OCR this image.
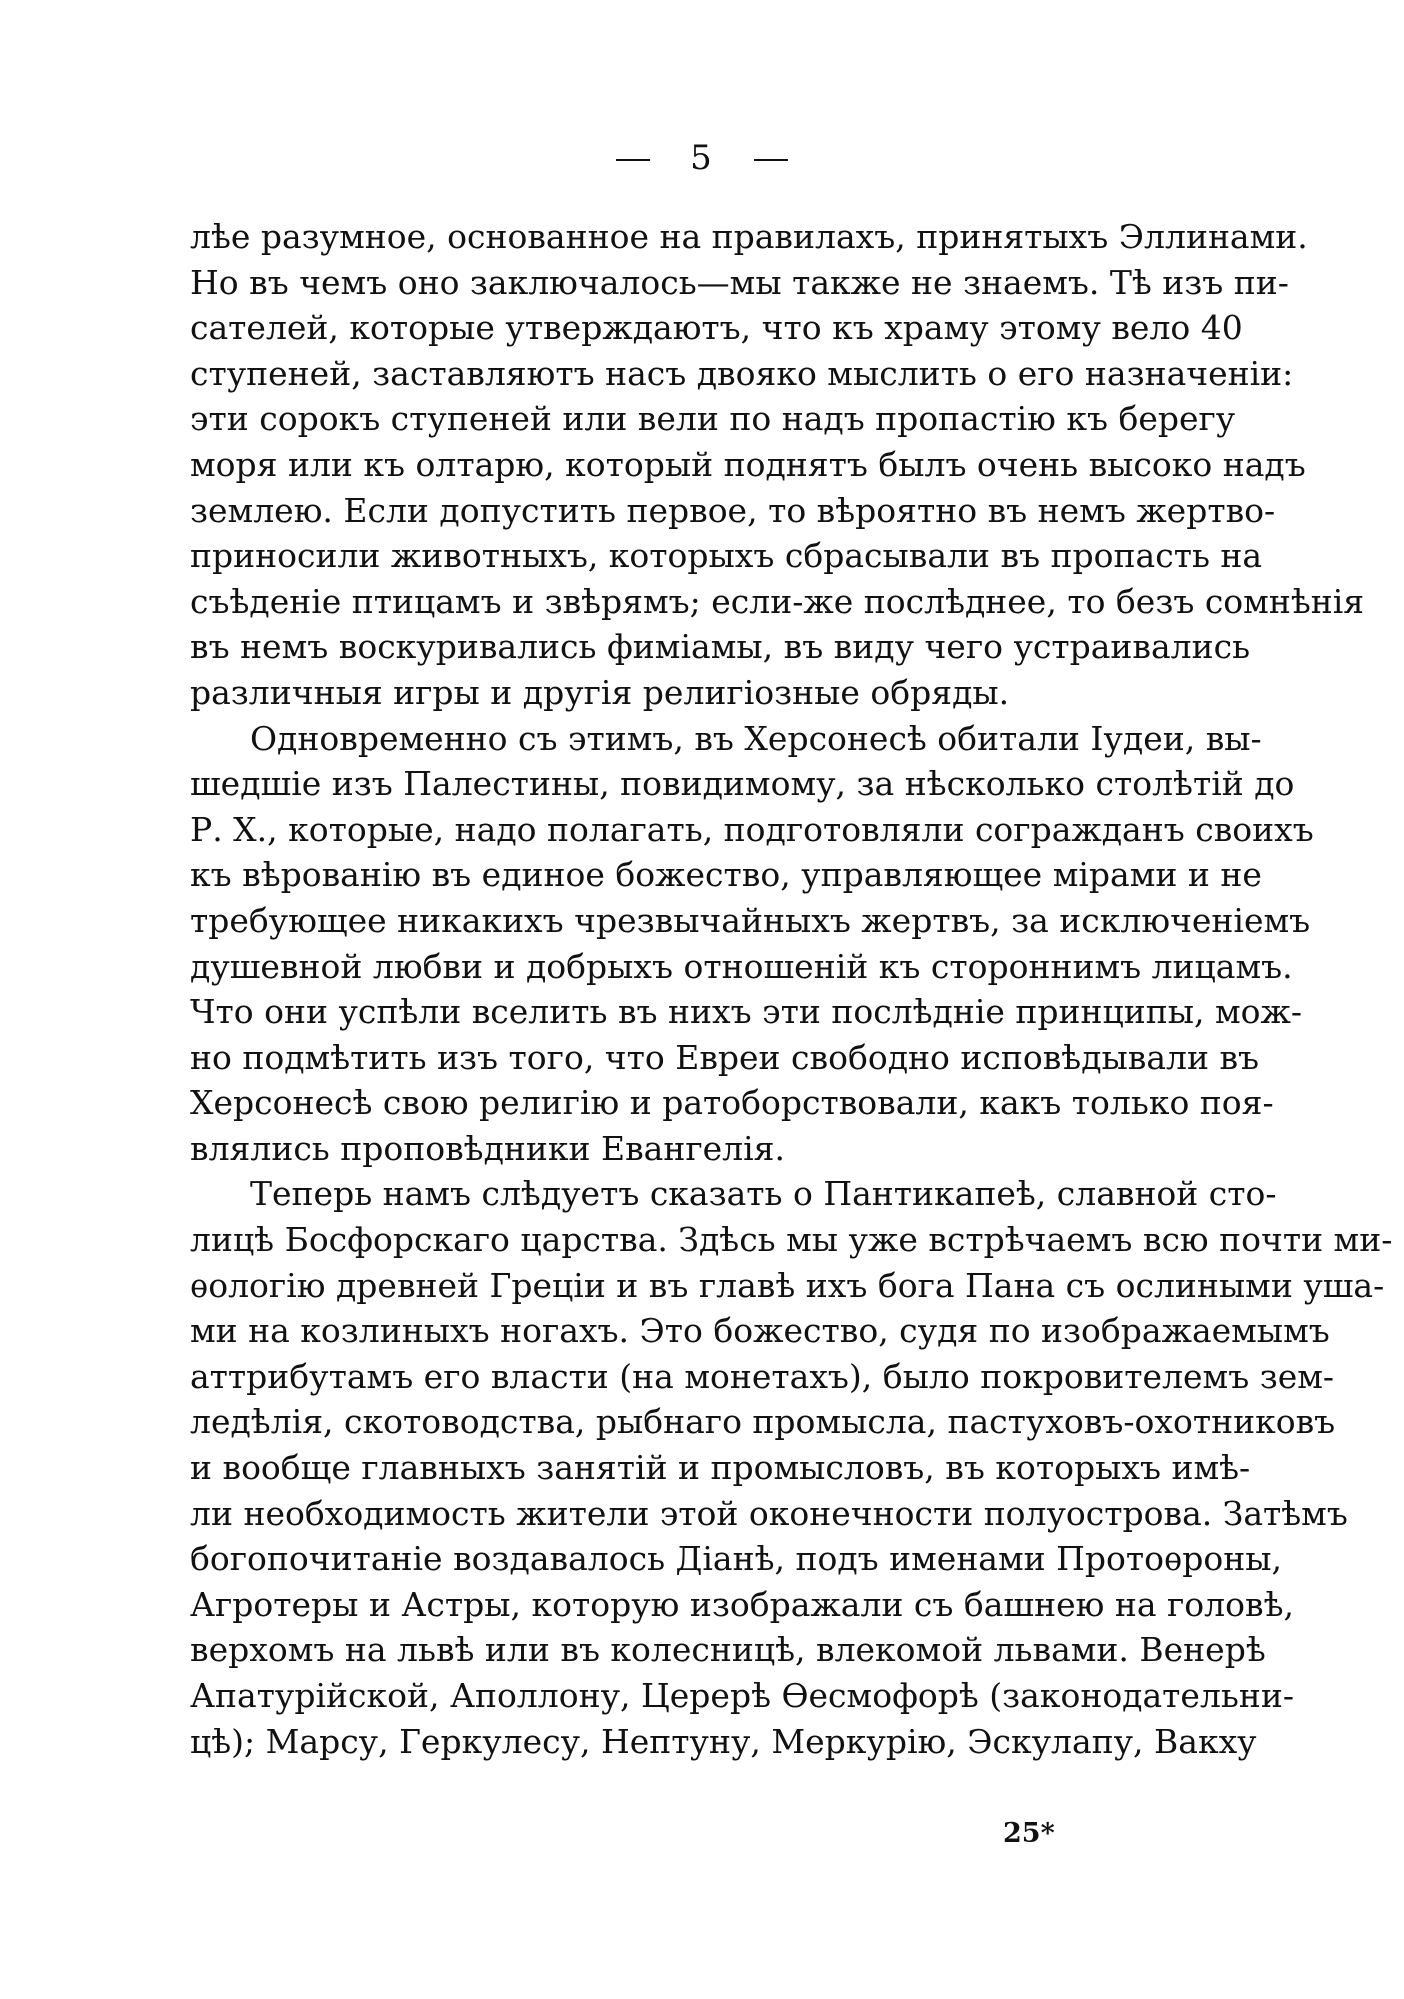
5
лѣе разумное, основанное на правилахъ, принятыхъ Эллинами.
Но въ чемъ оно заключалось—мы также не знаемъ. Тѣ изъ пи-
сателей, которые утверждаютъ, что къ храму этому вело 40
ступеней, заставляютъ насъ двояко мыслить о его назначеніи:
эти сорокъ ступеней или вели по надъ пропастію къ берегу
моря или къ олтарю, который поднятъ былъ очень высоко надъ
землею. Если допустить первое, то вѣроятно въ немъ жертво-
приносили животныхъ, которыхъ сбрасывали въ пропасть на
съѣденіе птицамъ и звѣрямъ; если-же послѣднее, то безъ сомнѣнія
въ немъ воскуривались фиміамы, въ виду чего устраивались
различныя игры и другія религіозные обряды.
Одновременно съ этимъ, въ Херсонесѣ обитали Іудеи, вы-
шедшіе изъ Палестины, повидимому, за нѣсколько столѣтій до
Р. Х., которые, надо полагать, подготовляли согражданъ своихъ
къ вѣрованію въ единое божество, управляющее мірами и не
требующее никакихъ чрезвычайныхъ жертвъ, за исключеніемъ
душевной любви и добрыхъ отношеній къ стороннимъ лицамъ.
Что они успѣли вселить въ нихъ эти послѣдніе принципы, мож-
но подмѣтить изъ того, что Евреи свободно исповѣдывали въ
Херсонесѣ свою религію и ратоборствовали, какъ только поя-
влялись проповѣдники Евангелія.
Теперь намъ слѣдуетъ сказать о Пантикапеѣ, славной сто-
лицѣ Босфорскаго царства. Здѣсь мы уже встрѣчаемъ всю почти ми-
ѳологію древней Греціи и въ главѣ ихъ бога Пана съ ослиными уша-
ми на козлиныхъ ногахъ. Это божество, судя по изображаемымъ
аттрибутамъ его власти (на монетахъ), было покровителемъ зем-
ледѣлія, скотоводства, рыбнаго промысла, пастуховъ-охотниковъ
и вообще главныхъ занятій и промысловъ, въ которыхъ имѣ-
ли необходимость жители этой оконечности полуострова. Затѣмъ
богопочитаніе воздавалось Діанѣ, подъ именами Протоѳроны,
Агротеры и Астры, которую изображали съ башнею на головѣ,
верхомъ на львѣ или въ колесницѣ, влекомой львами. Венерѣ
Апатурійской, Аполлону, Церерѣ Ѳесмофорѣ (законодательни-
цѣ); Марсу, Геркулесу, Нептуну, Меркурію, Эскулапу, Вакху
25*
